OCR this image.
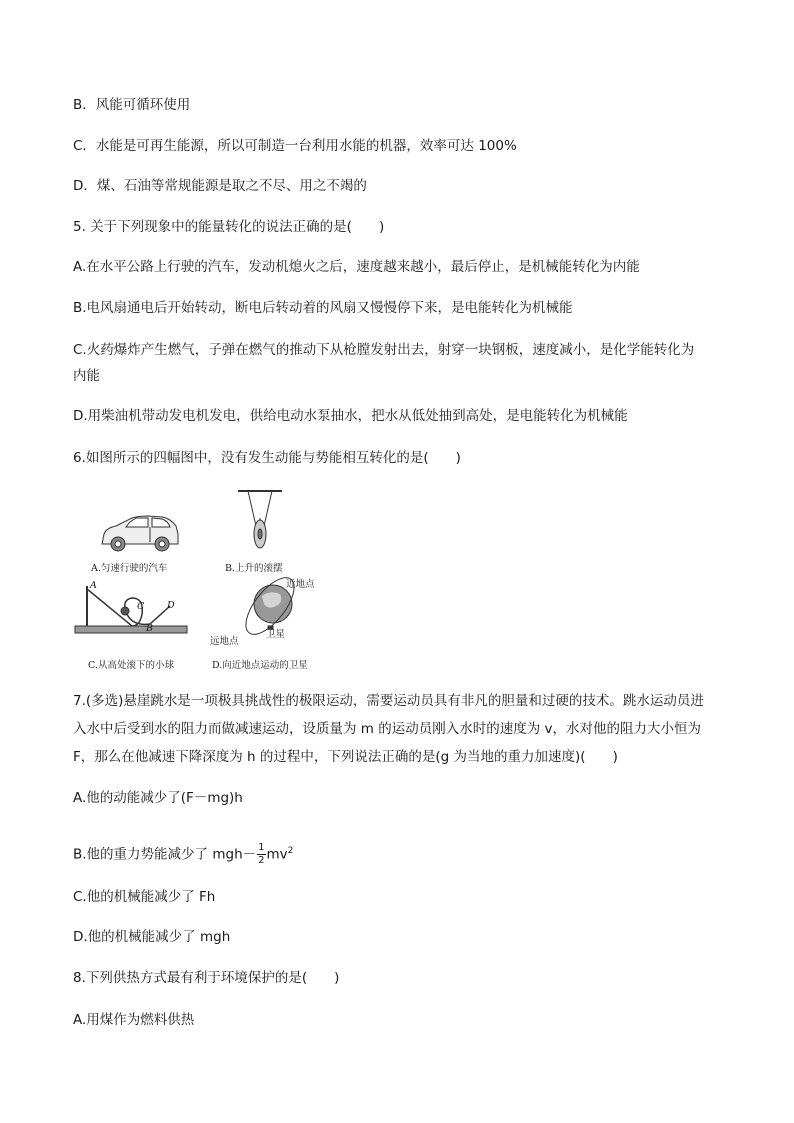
B．风能可循环使用
C．水能是可再生能源，所以可制造一台利用水能的机器，效率可达 100%
D．煤、石油等常规能源是取之不尽、用之不竭的
5. 关于下列现象中的能量转化的说法正确的是(　　)
A.在水平公路上行驶的汽车，发动机熄火之后，速度越来越小，最后停止，是机械能转化为内能
B.电风扇通电后开始转动，断电后转动着的风扇又慢慢停下来，是电能转化为机械能
C.火药爆炸产生燃气，子弹在燃气的推动下从枪膛发射出去，射穿一块钢板，速度减小，是化学能转化为
内能
D.用柴油机带动发电机发电，供给电动水泵抽水，把水从低处抽到高处，是电能转化为机械能
6.如图所示的四幅图中，没有发生动能与势能相互转化的是(　　)
A.匀速行驶的汽车	B.上升的滚摆
C.从高处滚下的小球	D.向近地点运动的卫星
A
C D
B
近地点
远地点
卫星
7.(多选)悬崖跳水是一项极具挑战性的极限运动，需要运动员具有非凡的胆量和过硬的技术。跳水运动员进
入水中后受到水的阻力而做减速运动，设质量为 m 的运动员刚入水时的速度为 v，水对他的阻力大小恒为
F，那么在他减速下降深度为 h 的过程中，下列说法正确的是(g 为当地的重力加速度)(　　)
A.他的动能减少了(F－mg)h
B.他的重力势能减少了 $mgh- \frac{1}{2} mv^2$
C.他的机械能减少了 Fh
D.他的机械能减少了 mgh
8.下列供热方式最有利于环境保护的是(　　)
A.用煤作为燃料供热
